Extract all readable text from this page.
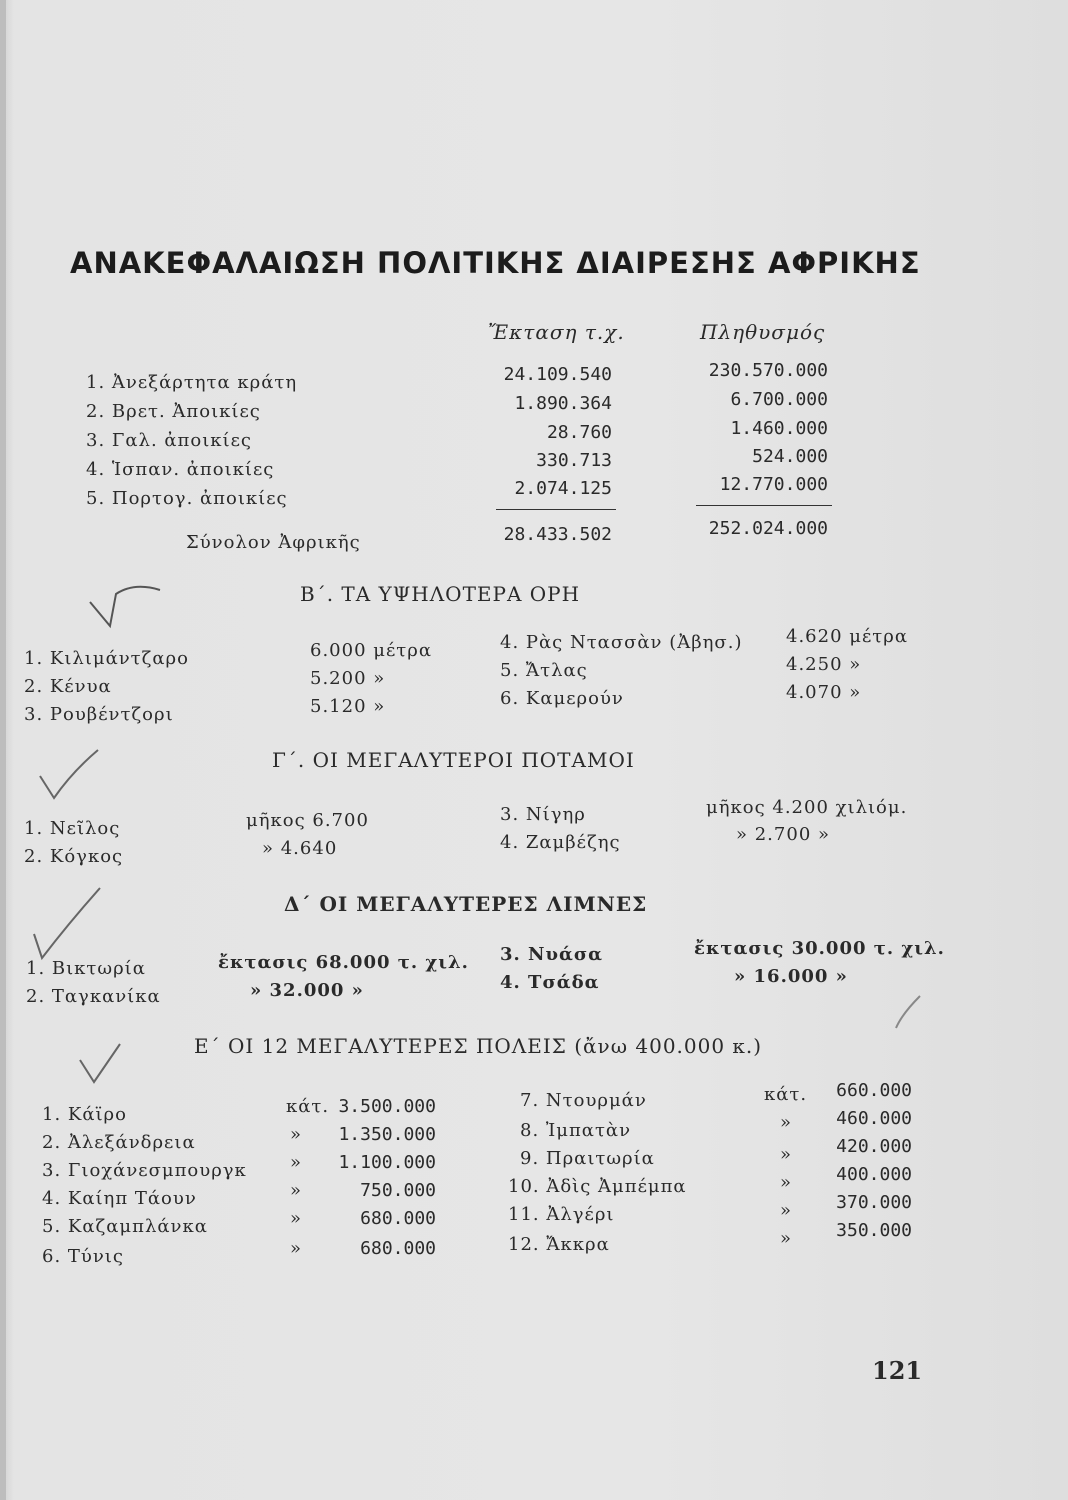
ΑΝΑΚΕΦΑΛΑΙΩΣΗ ΠΟΛΙΤΙΚΗΣ ΔΙΑΙΡΕΣΗΣ ΑΦΡΙΚΗΣ
Ἔκταση τ.χ.	Πληθυσμός
1. Ἀνεξάρτητα κράτη	24.109.540	230.570.000
2. Βρετ. Ἀποικίες	1.890.364	6.700.000
3. Γαλ. ἀποικίες	28.760	1.460.000
4. Ἱσπαν. ἀποικίες	330.713	524.000
5. Πορτογ. ἀποικίες	2.074.125	12.770.000
Σύνολον Ἀφρικῆς	28.433.502	252.024.000
Β΄. ΤΑ ΥΨΗΛΟΤΕΡΑ ΟΡΗ
1. Κιλιμάντζαρο	6.000 μέτρα
2. Κένυα	5.200 »
3. Ρουβέντζορι	5.120 »
4. Ρὰς Ντασσὰν (Ἀβησ.) 4.620 μέτρα
5. Ἄτλας	4.250 »
6. Καμερούν	4.070 »
Γ΄. ΟΙ ΜΕΓΑΛΥΤΕΡΟΙ ΠΟΤΑΜΟΙ
1. Νεῖλος	μῆκος 6.700
2. Κόγκος	» 4.640
3. Νίγηρ	μῆκος 4.200 χιλιόμ.
4. Ζαμβέζης	» 2.700 »
Δ΄ ΟΙ ΜΕΓΑΛΥΤΕΡΕΣ ΛΙΜΝΕΣ
1. Βικτωρία	ἔκτασις 68.000 τ. χιλ.
2. Ταγκανίκα	» 32.000 »
3. Νυάσα	ἔκτασις 30.000 τ. χιλ.
4. Τσάδα	» 16.000 »
Ε΄ ΟΙ 12 ΜΕΓΑΛΥΤΕΡΕΣ ΠΟΛΕΙΣ (ἄνω 400.000 κ.)
1. Κάϊρο	κάτ. 3.500.000
2. Ἀλεξάνδρεια	»	1.350.000
3. Γιοχάνεσμπουργκ »	1.100.000
4. Καίηπ Τάουν	»	750.000
5. Καζαμπλάνκα	»	680.000
6. Τύνις	»	680.000
7. Ντουρμάν	κάτ.	660.000
8. Ἰμπατὰν	»	460.000
9. Πραιτωρία	»	420.000
10. Ἀδὶς Ἀμπέμπα	»	400.000
11. Ἀλγέρι	»	370.000
12. Ἄκκρα	»	350.000
121
